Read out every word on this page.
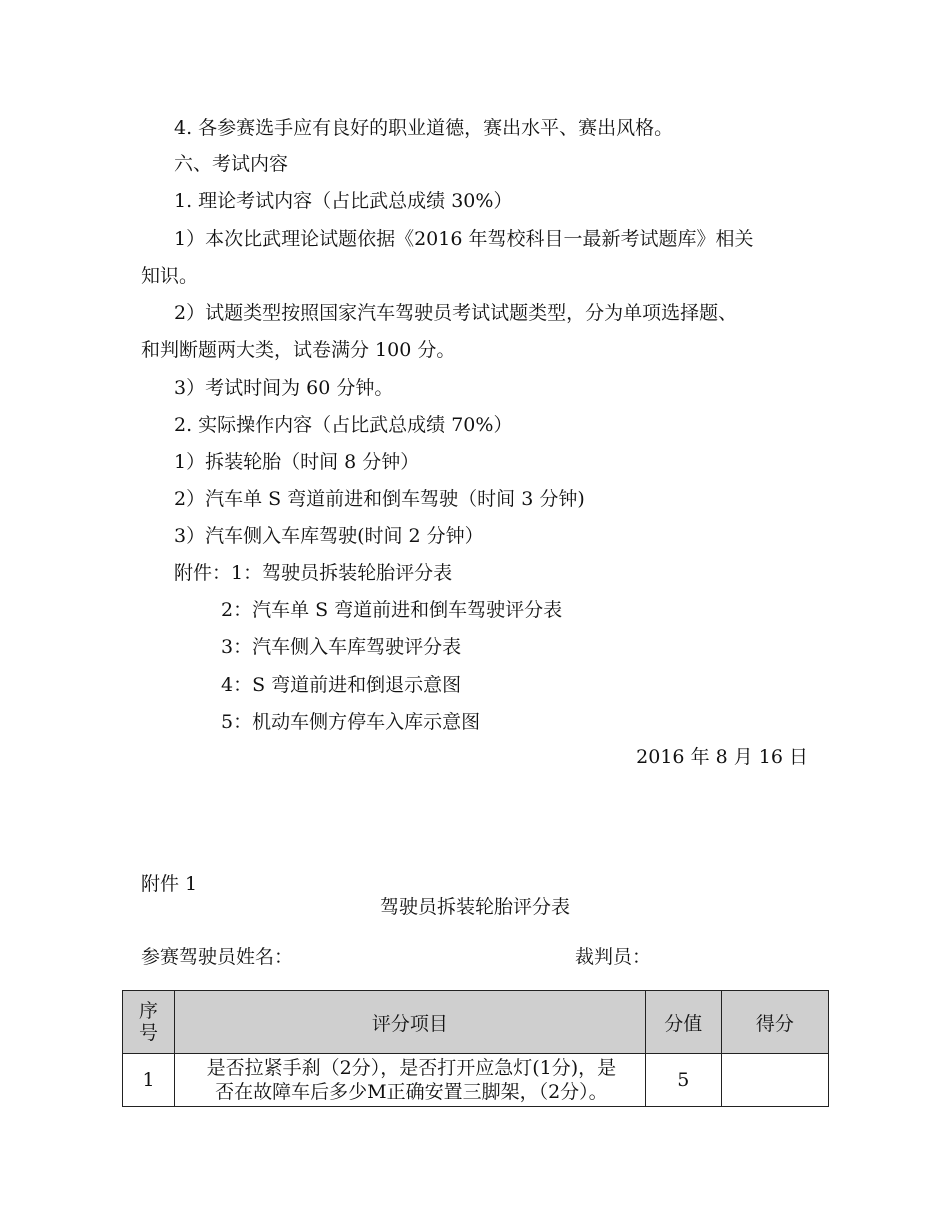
4. 各参赛选手应有良好的职业道德，赛出水平、赛出风格。
六、考试内容
1. 理论考试内容（占比武总成绩 30%）
1）本次比武理论试题依据《2016 年驾校科目一最新考试题库》相关
知识。
2）试题类型按照国家汽车驾驶员考试试题类型，分为单项选择题、
和判断题两大类，试卷满分 100 分。
3）考试时间为 60 分钟。
2. 实际操作内容（占比武总成绩 70%）
1）拆装轮胎（时间 8 分钟）
2）汽车单 S 弯道前进和倒车驾驶（时间 3 分钟)
3）汽车侧入车库驾驶(时间 2 分钟）
附件：1：驾驶员拆装轮胎评分表
2：汽车单 S 弯道前进和倒车驾驶评分表
3：汽车侧入车库驾驶评分表
4：S 弯道前进和倒退示意图
5：机动车侧方停车入库示意图
2016 年 8 月 16 日
附件 1
驾驶员拆装轮胎评分表
参赛驾驶员姓名：	裁判员：
序
号	评分项目	分值	得分
1	是否拉紧手刹（2分），是否打开应急灯(1分)，是
否在故障车后多少M正确安置三脚架，（2分）。	5	
